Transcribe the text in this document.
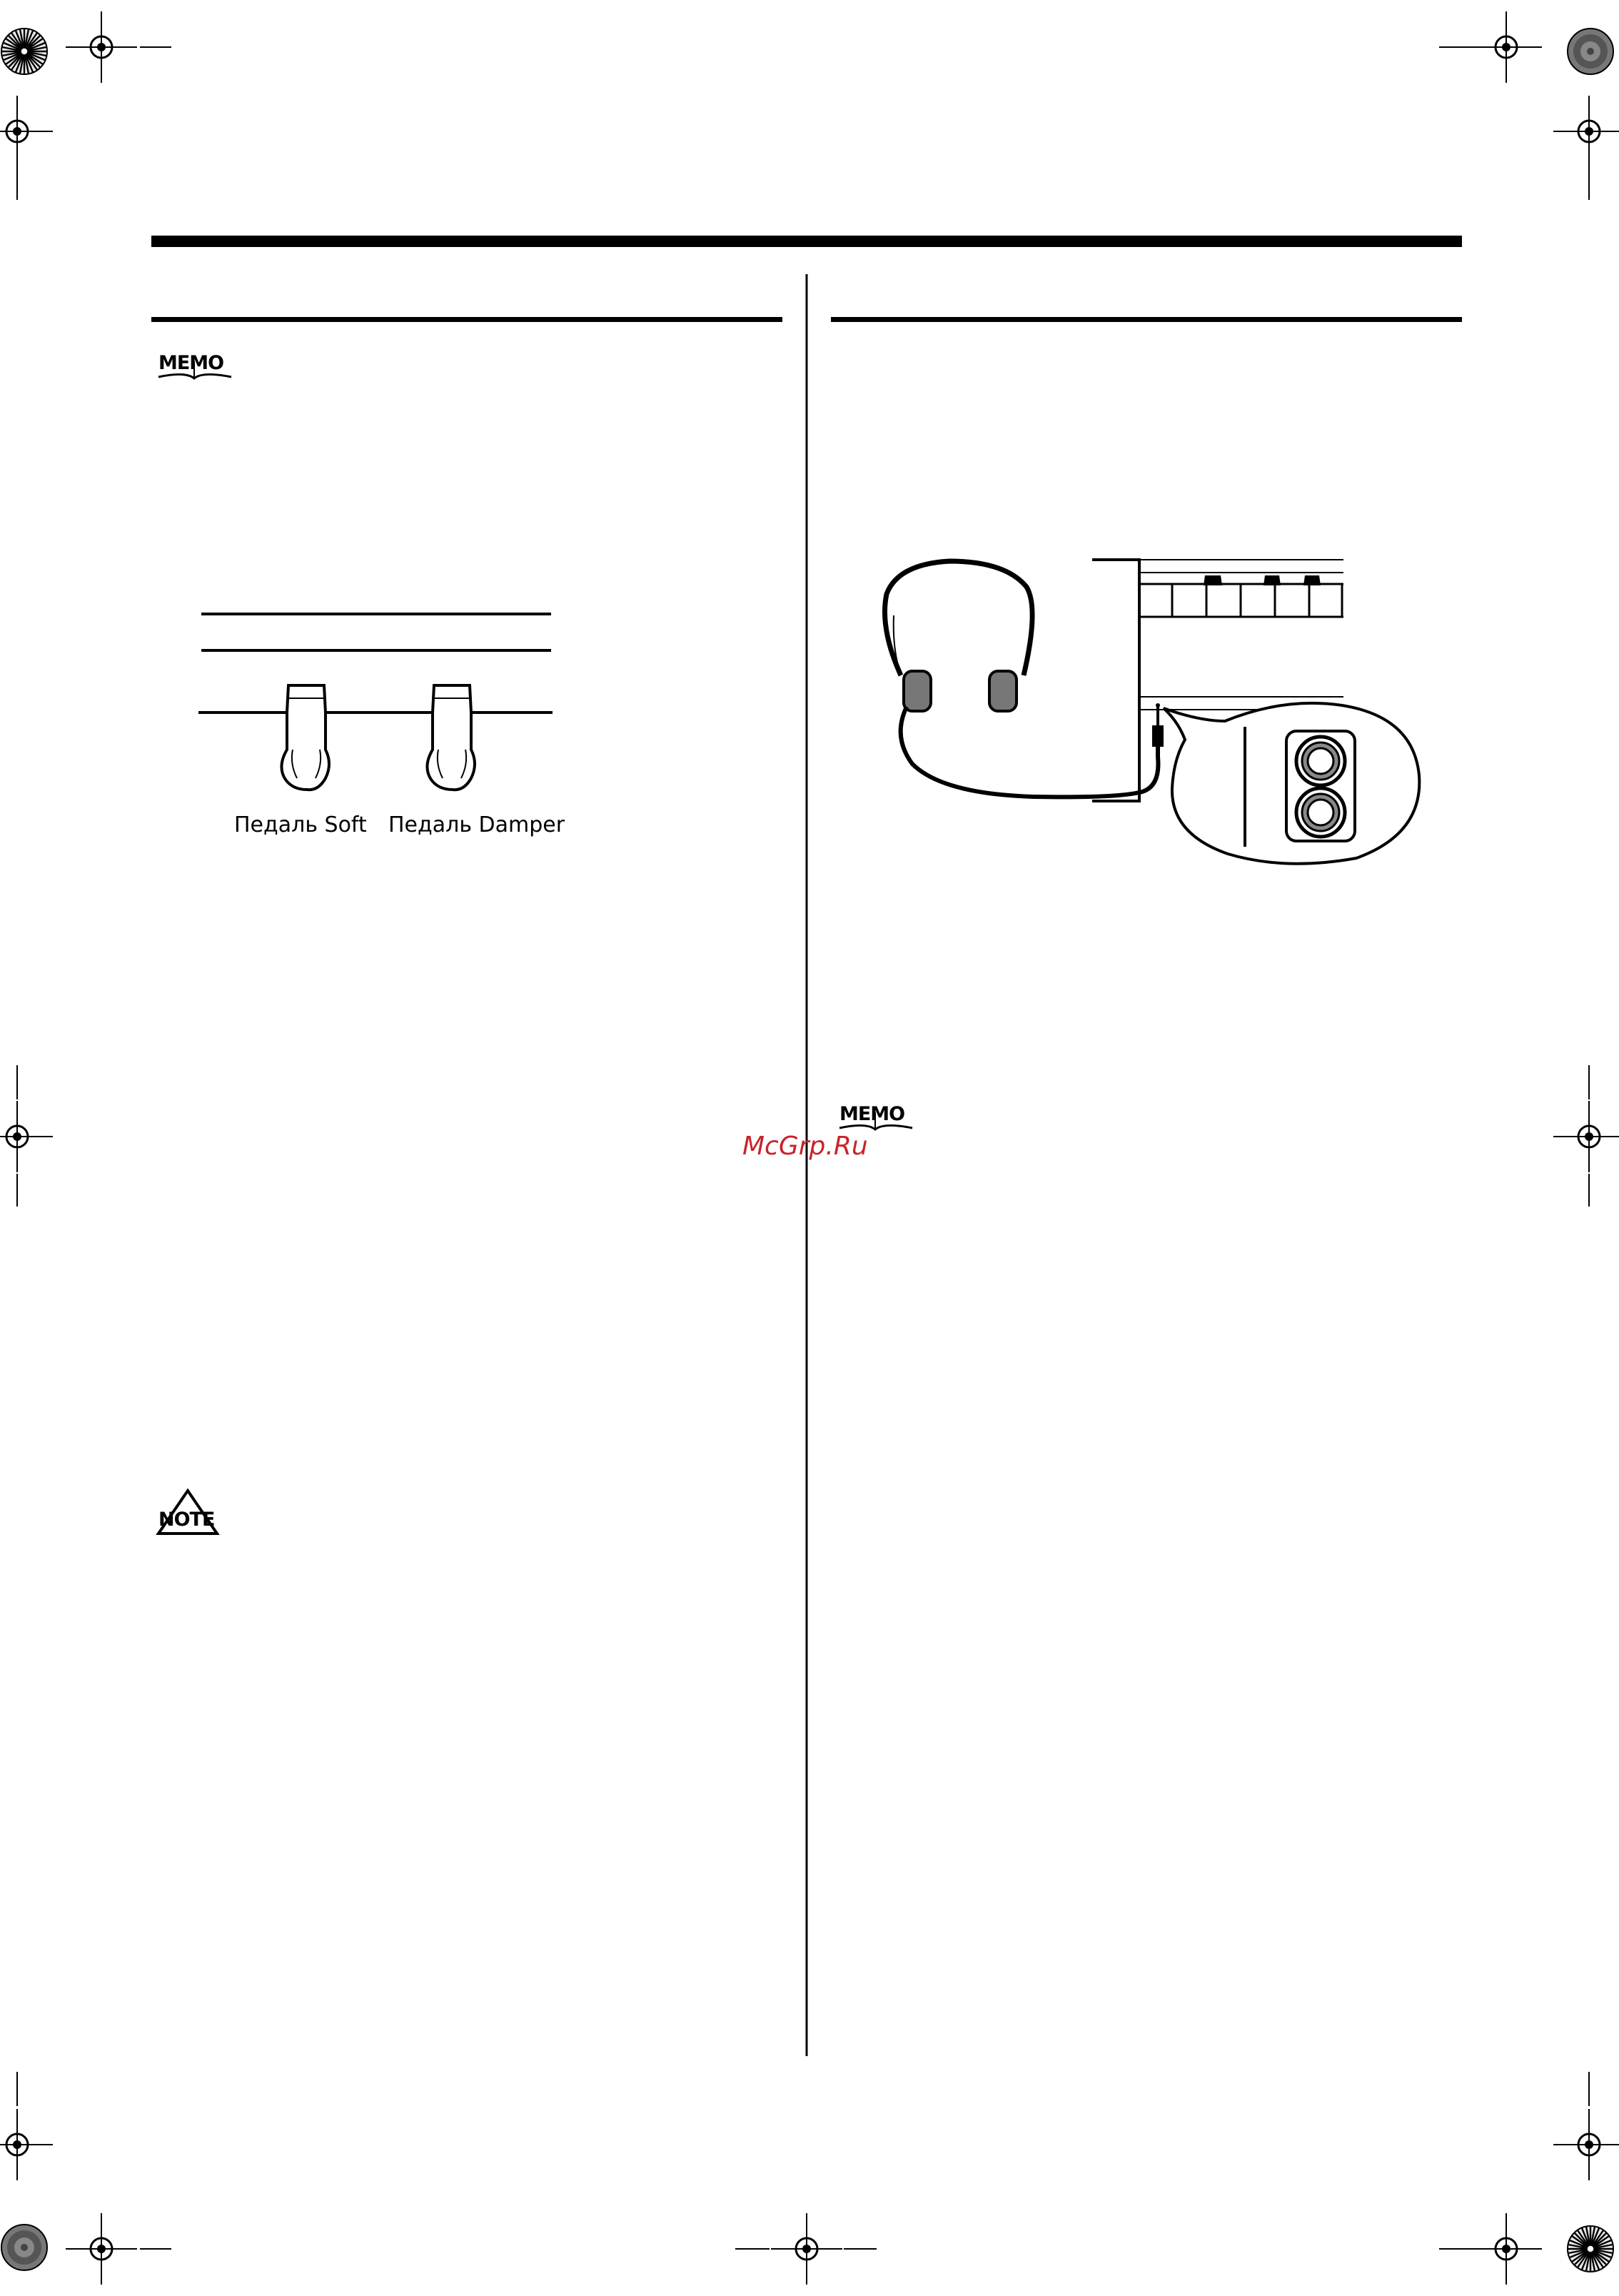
MEMO
MEMO
NOTE
Педаль Soft Педаль Damper
McGrp.Ru
